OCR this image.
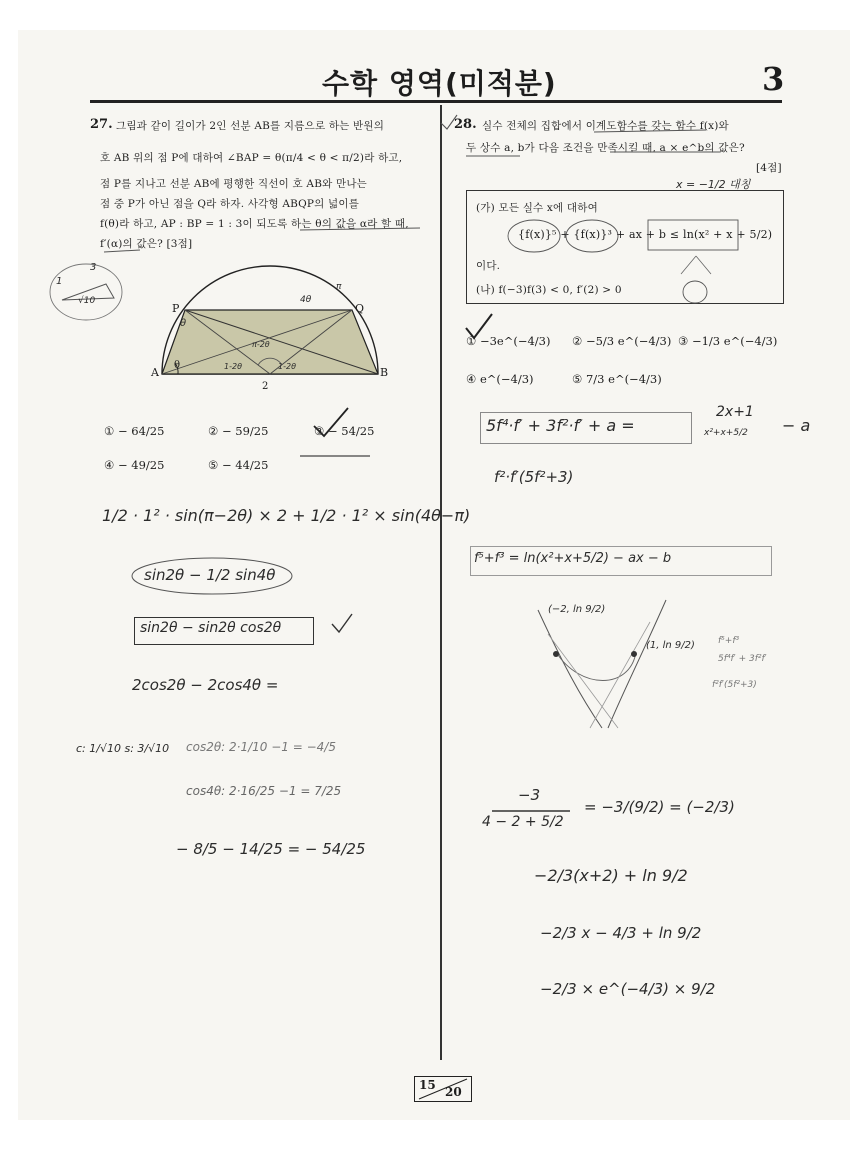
수학 영역(미적분)	3
27. 그림과 같이 길이가 2인 선분 AB를 지름으로 하는 반원의
호 AB 위의 점 P에 대하여 ∠BAP = θ(π/4 < θ < π/2)라 하고,
점 P를 지나고 선분 AB에 평행한 직선이 호 AB와 만나는
점 중 P가 아닌 점을 Q라 하자. 사각형 ABQP의 넓이를
f(θ)라 하고, AP : BP = 1 : 3이 되도록 하는 θ의 값을 α라 할 때,
f′(α)의 값은? [3점]
3
1
√10
A	B
P	Q
θ
2
θ
4θ
π
π-2θ
1-2θ	1-2θ
① − 64/25	② − 59/25	③ − 54/25
④ − 49/25	⑤ − 44/25
1/2 · 1² · sin(π−2θ) × 2 + 1/2 · 1² × sin(4θ−π)
sin2θ − 1/2 sin4θ
sin2θ − sin2θ cos2θ
2cos2θ − 2cos4θ =
c: 1/√10 s: 3/√10 cos2θ: 2·1/10 −1 = −4/5
cos4θ: 2·16/25 −1 = 7/25
− 8/5 − 14/25 = − 54/25
28. 실수 전체의 집합에서 이계도함수를 갖는 함수 f(x)와
두 상수 a, b가 다음 조건을 만족시킬 때, a × e^b의 값은?
[4점]
x = −1/2 대칭
(가) 모든 실수 x에 대하여
{f(x)}⁵ + {f(x)}³ + ax + b ≤ ln(x² + x + 5/2)
이다.
(나) f(−3)f(3) < 0, f′(2) > 0
① −3e^(−4/3) ② −5/3 e^(−4/3) ③ −1/3 e^(−4/3)
④ e^(−4/3)	⑤ 7/3 e^(−4/3)
5f⁴·f′ + 3f²·f′ + a =
2x+1
x²+x+5/2 − a
f²·f′(5f²+3)
f⁵+f³ = ln(x²+x+5/2) − ax − b
f⁵+f³
5f⁴f′ + 3f²f′
f²f′(5f²+3)
(−2, ln 9/2)
(1, ln 9/2)
−3
4 − 2 + 5/2
= −3/(9/2) = (−2/3)
−2/3(x+2) + ln 9/2
−2/3 x − 4/3 + ln 9/2
−2/3 × e^(−4/3) × 9/2
15 20
